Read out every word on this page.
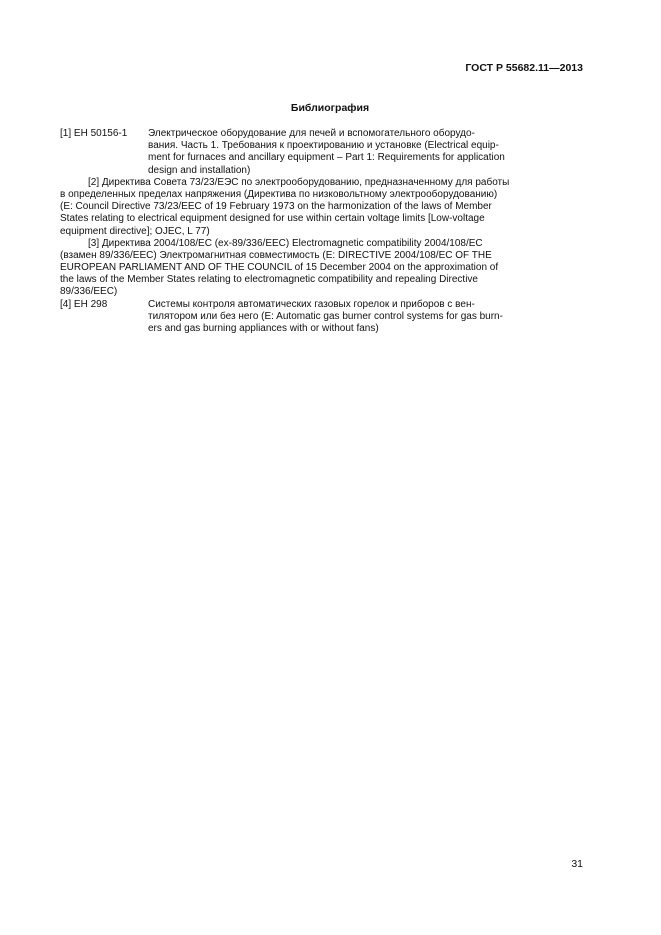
ГОСТ Р 55682.11—2013
Библиография
[1] ЕН 50156-1 Электрическое оборудование для печей и вспомогательного оборудо-
вания. Часть 1. Требования к проектированию и установке (Electrical equip-
ment for furnaces and ancillary equipment – Part 1: Requirements for application
design and installation)
[2] Директива Совета 73/23/ЕЭС по электрооборудованию, предназначенному для работы
в определенных пределах напряжения (Директива по низковольтному электрооборудованию)
(E: Council Directive 73/23/EEC of 19 February 1973 on the harmonization of the laws of Member
States relating to electrical equipment designed for use within certain voltage limits [Low-voltage
equipment directive]; OJEC, L 77)
[3] Директива 2004/108/ЕС (ex-89/336/EEC) Electromagnetic compatibility 2004/108/EC
(взамен 89/336/ЕЕС) Электромагнитная совместимость (E: DIRECTIVE 2004/108/EC OF THE
EUROPEAN PARLIAMENT AND OF THE COUNCIL of 15 December 2004 on the approximation of
the laws of the Member States relating to electromagnetic compatibility and repealing Directive
89/336/EEC)
[4] ЕН 298	Системы контроля автоматических газовых горелок и приборов с вен-
тилятором или без него (E: Automatic gas burner control systems for gas burn-
ers and gas burning appliances with or without fans)
31
